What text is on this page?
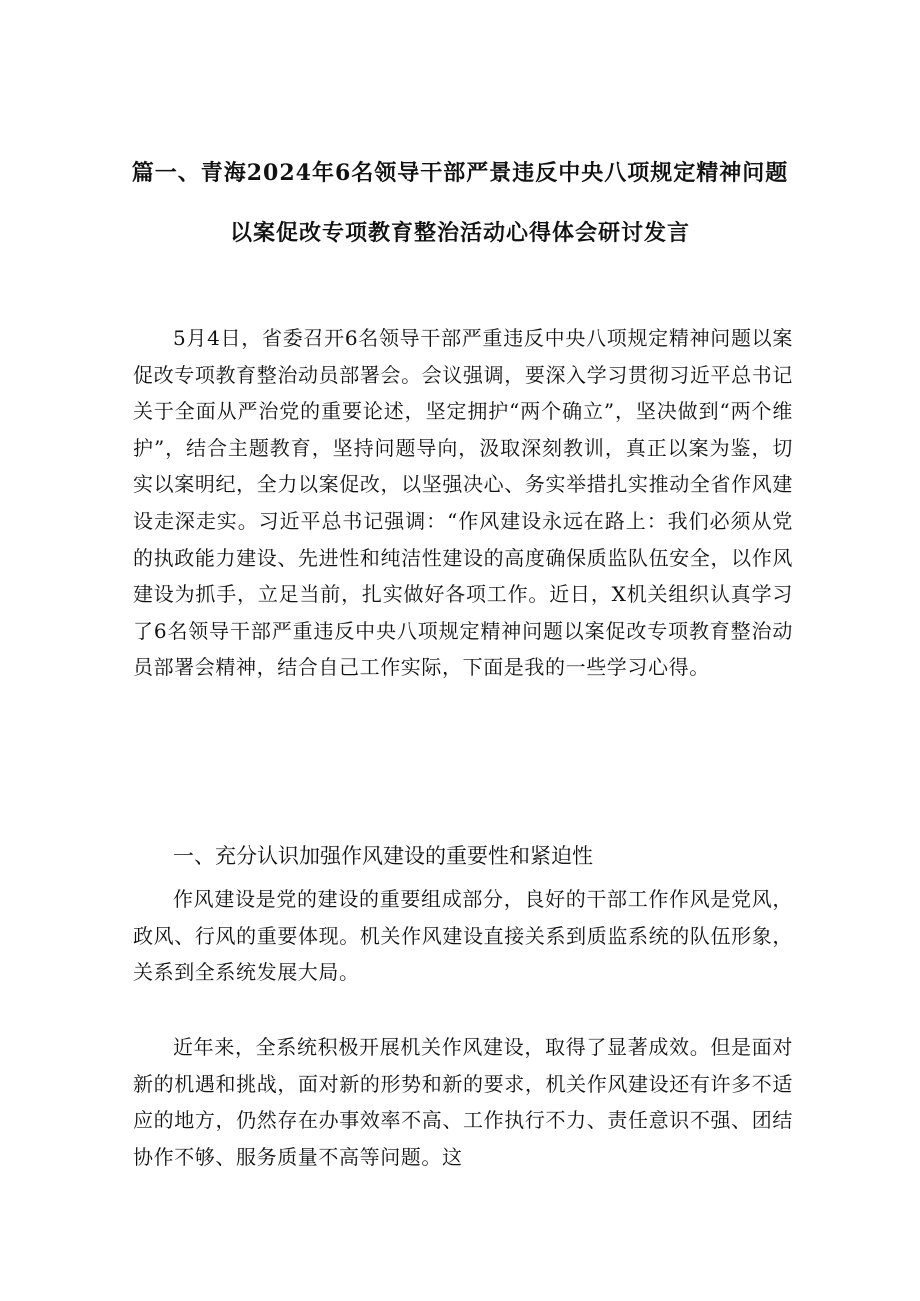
篇一、青海2024年6名领导干部严景违反中央八项规定精神问题
以案促改专项教育整治活动心得体会研讨发言
5月4日，省委召开6名领导干部严重违反中央八项规定精神问题以案促改专项教育整治动员部署会。会议强调，要深入学习贯彻习近平总书记关于全面从严治党的重要论述，坚定拥护“两个确立”，坚决做到“两个维护”，结合主题教育，坚持问题导向，汲取深刻教训，真正以案为鉴，切实以案明纪，全力以案促改，以坚强决心、务实举措扎实推动全省作风建设走深走实。习近平总书记强调：“作风建设永远在路上：我们必须从党的执政能力建设、先进性和纯洁性建设的高度确保质监队伍安全，以作风建设为抓手，立足当前，扎实做好各项工作。近日，X机关组织认真学习了6名领导干部严重违反中央八项规定精神问题以案促改专项教育整治动员部署会精神，结合自己工作实际，下面是我的一些学习心得。
一、充分认识加强作风建设的重要性和紧迫性
作风建设是党的建设的重要组成部分，良好的干部工作作风是党风，政风、行风的重要体现。机关作风建设直接关系到质监系统的队伍形象，关系到全系统发展大局。
近年来，全系统积极开展机关作风建设，取得了显著成效。但是面对新的机遇和挑战，面对新的形势和新的要求，机关作风建设还有许多不适应的地方，仍然存在办事效率不高、工作执行不力、责任意识不强、团结协作不够、服务质量不高等问题。这
